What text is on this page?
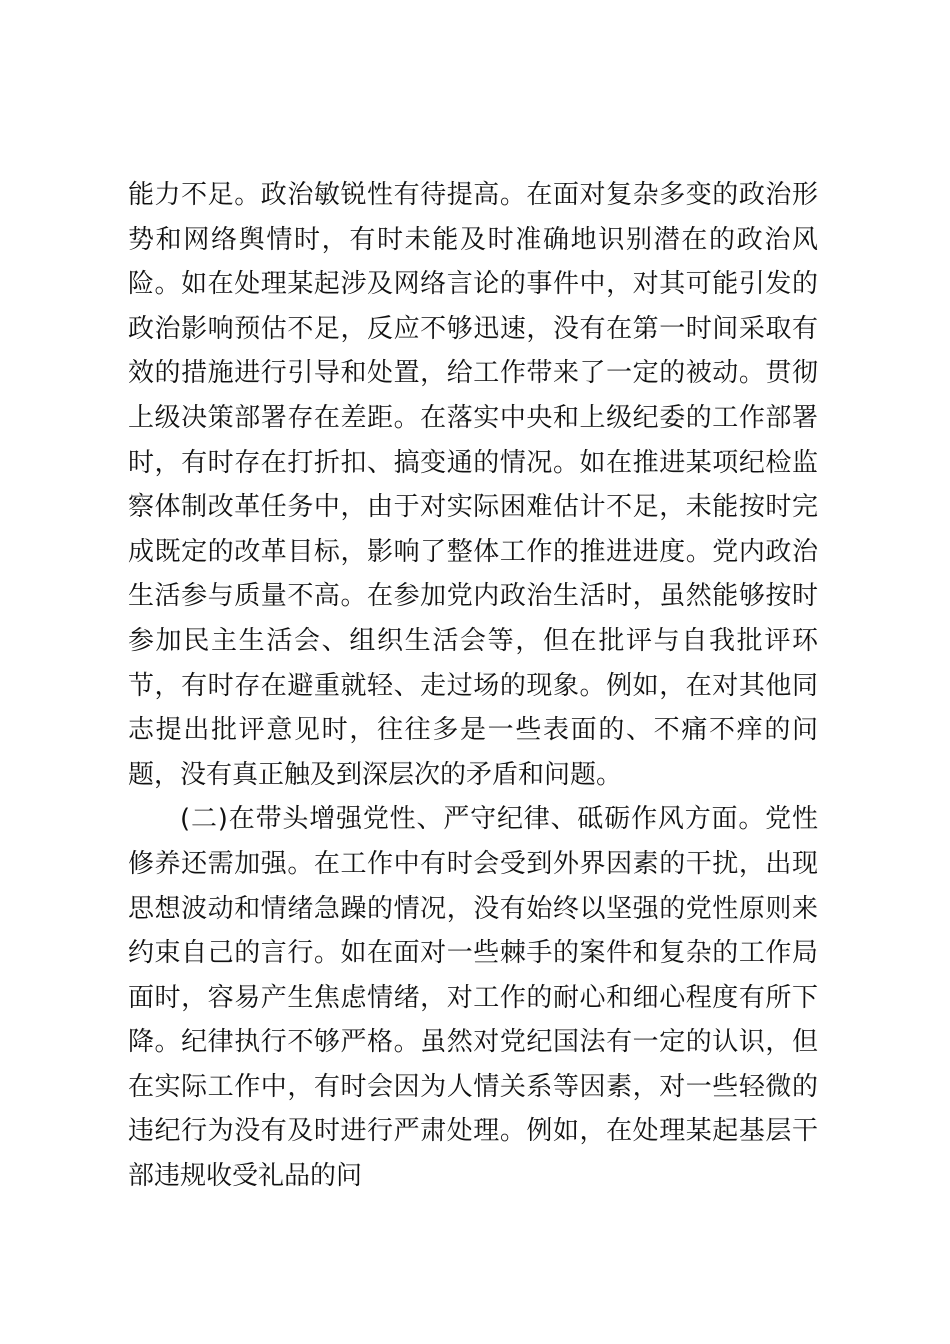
能力不足。政治敏锐性有待提高。在面对复杂多变的政治形势和网络舆情时，有时未能及时准确地识别潜在的政治风险。如在处理某起涉及网络言论的事件中，对其可能引发的政治影响预估不足，反应不够迅速，没有在第一时间采取有效的措施进行引导和处置，给工作带来了一定的被动。贯彻上级决策部署存在差距。在落实中央和上级纪委的工作部署时，有时存在打折扣、搞变通的情况。如在推进某项纪检监察体制改革任务中，由于对实际困难估计不足，未能按时完成既定的改革目标，影响了整体工作的推进进度。党内政治生活参与质量不高。在参加党内政治生活时，虽然能够按时参加民主生活会、组织生活会等，但在批评与自我批评环节，有时存在避重就轻、走过场的现象。例如，在对其他同志提出批评意见时，往往多是一些表面的、不痛不痒的问题，没有真正触及到深层次的矛盾和问题。

(二)在带头增强党性、严守纪律、砥砺作风方面。党性修养还需加强。在工作中有时会受到外界因素的干扰，出现思想波动和情绪急躁的情况，没有始终以坚强的党性原则来约束自己的言行。如在面对一些棘手的案件和复杂的工作局面时，容易产生焦虑情绪，对工作的耐心和细心程度有所下降。纪律执行不够严格。虽然对党纪国法有一定的认识，但在实际工作中，有时会因为人情关系等因素，对一些轻微的违纪行为没有及时进行严肃处理。例如，在处理某起基层干部违规收受礼品的问
